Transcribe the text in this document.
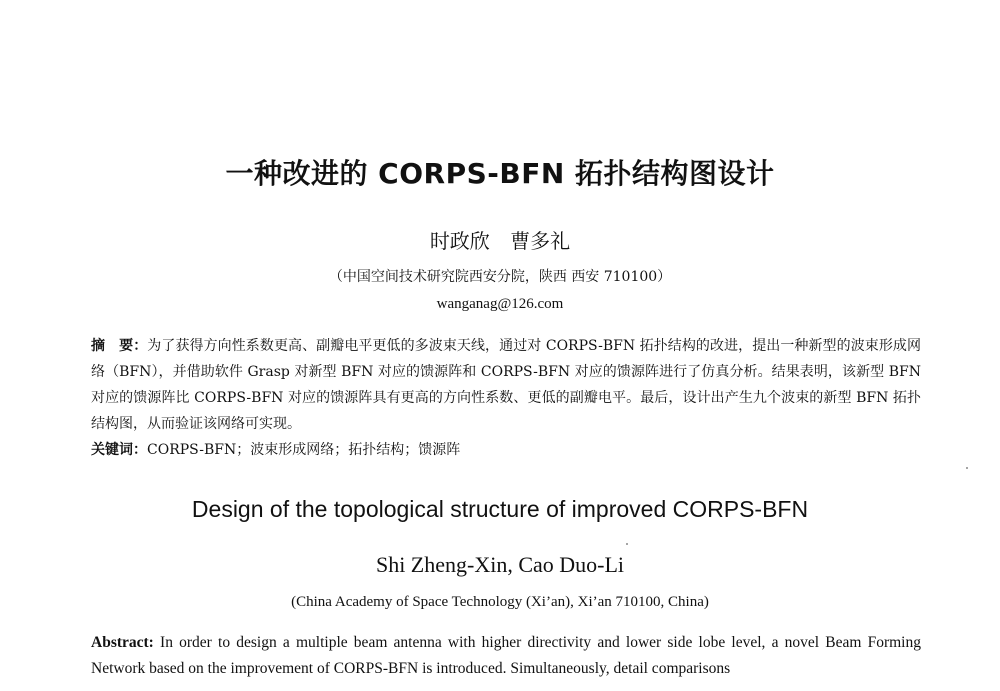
一种改进的 CORPS-BFN 拓扑结构图设计
时政欣 曹多礼
（中国空间技术研究院西安分院，陕西 西安 710100）
wanganag@126.com
摘　要：为了获得方向性系数更高、副瓣电平更低的多波束天线，通过对 CORPS-BFN 拓扑结构的改进，提出一种新型的波束形成网络（BFN），并借助软件 Grasp 对新型 BFN 对应的馈源阵和 CORPS-BFN 对应的馈源阵进行了仿真分析。结果表明，该新型 BFN 对应的馈源阵比 CORPS-BFN 对应的馈源阵具有更高的方向性系数、更低的副瓣电平。最后，设计出产生九个波束的新型 BFN 拓扑结构图，从而验证该网络可实现。
关键词：CORPS-BFN；波束形成网络；拓扑结构；馈源阵
Design of the topological structure of improved CORPS-BFN
Shi Zheng-Xin, Cao Duo-Li
(China Academy of Space Technology (Xi’an), Xi’an 710100, China)
Abstract: In order to design a multiple beam antenna with higher directivity and lower side lobe level, a novel Beam Forming Network based on the improvement of CORPS-BFN is introduced. Simultaneously, detail comparisons
